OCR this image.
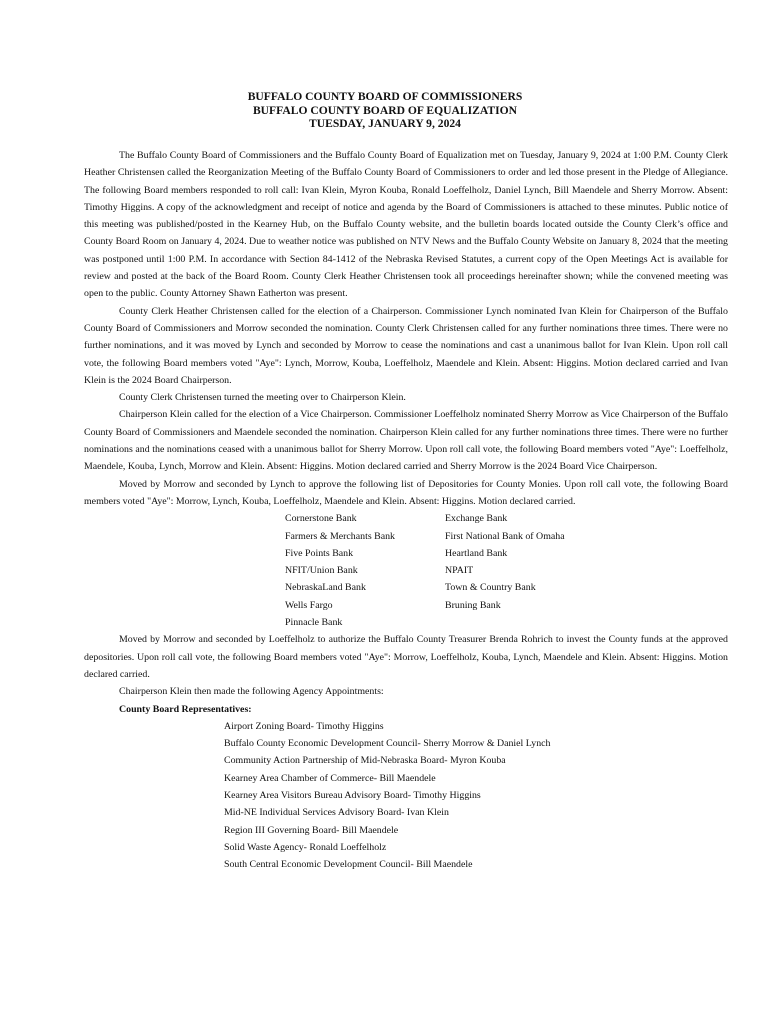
BUFFALO COUNTY BOARD OF COMMISSIONERS
BUFFALO COUNTY BOARD OF EQUALIZATION
TUESDAY, JANUARY 9, 2024

The Buffalo County Board of Commissioners and the Buffalo County Board of Equalization met on Tuesday, January 9, 2024 at 1:00 P.M. County Clerk Heather Christensen called the Reorganization Meeting of the Buffalo County Board of Commissioners to order and led those present in the Pledge of Allegiance. The following Board members responded to roll call: Ivan Klein, Myron Kouba, Ronald Loeffelholz, Daniel Lynch, Bill Maendele and Sherry Morrow. Absent: Timothy Higgins. A copy of the acknowledgment and receipt of notice and agenda by the Board of Commissioners is attached to these minutes. Public notice of this meeting was published/posted in the Kearney Hub, on the Buffalo County website, and the bulletin boards located outside the County Clerk’s office and County Board Room on January 4, 2024. Due to weather notice was published on NTV News and the Buffalo County Website on January 8, 2024 that the meeting was postponed until 1:00 P.M. In accordance with Section 84-1412 of the Nebraska Revised Statutes, a current copy of the Open Meetings Act is available for review and posted at the back of the Board Room. County Clerk Heather Christensen took all proceedings hereinafter shown; while the convened meeting was open to the public. County Attorney Shawn Eatherton was present.

County Clerk Heather Christensen called for the election of a Chairperson. Commissioner Lynch nominated Ivan Klein for Chairperson of the Buffalo County Board of Commissioners and Morrow seconded the nomination. County Clerk Christensen called for any further nominations three times. There were no further nominations, and it was moved by Lynch and seconded by Morrow to cease the nominations and cast a unanimous ballot for Ivan Klein. Upon roll call vote, the following Board members voted "Aye": Lynch, Morrow, Kouba, Loeffelholz, Maendele and Klein. Absent: Higgins. Motion declared carried and Ivan Klein is the 2024 Board Chairperson.

County Clerk Christensen turned the meeting over to Chairperson Klein.

Chairperson Klein called for the election of a Vice Chairperson. Commissioner Loeffelholz nominated Sherry Morrow as Vice Chairperson of the Buffalo County Board of Commissioners and Maendele seconded the nomination. Chairperson Klein called for any further nominations three times. There were no further nominations and the nominations ceased with a unanimous ballot for Sherry Morrow. Upon roll call vote, the following Board members voted "Aye": Loeffelholz, Maendele, Kouba, Lynch, Morrow and Klein. Absent: Higgins. Motion declared carried and Sherry Morrow is the 2024 Board Vice Chairperson.

Moved by Morrow and seconded by Lynch to approve the following list of Depositories for County Monies. Upon roll call vote, the following Board members voted "Aye": Morrow, Lynch, Kouba, Loeffelholz, Maendele and Klein. Absent: Higgins. Motion declared carried.

Cornerstone Bank	Exchange Bank
Farmers & Merchants Bank	First National Bank of Omaha
Five Points Bank	Heartland Bank
NFIT/Union Bank	NPAIT
NebraskaLand Bank	Town & Country Bank
Wells Fargo	Bruning Bank
Pinnacle Bank

Moved by Morrow and seconded by Loeffelholz to authorize the Buffalo County Treasurer Brenda Rohrich to invest the County funds at the approved depositories. Upon roll call vote, the following Board members voted "Aye": Morrow, Loeffelholz, Kouba, Lynch, Maendele and Klein. Absent: Higgins. Motion declared carried.

Chairperson Klein then made the following Agency Appointments:

County Board Representatives:
Airport Zoning Board- Timothy Higgins
Buffalo County Economic Development Council- Sherry Morrow & Daniel Lynch
Community Action Partnership of Mid-Nebraska Board- Myron Kouba
Kearney Area Chamber of Commerce- Bill Maendele
Kearney Area Visitors Bureau Advisory Board- Timothy Higgins
Mid-NE Individual Services Advisory Board- Ivan Klein
Region III Governing Board- Bill Maendele
Solid Waste Agency- Ronald Loeffelholz
South Central Economic Development Council- Bill Maendele
